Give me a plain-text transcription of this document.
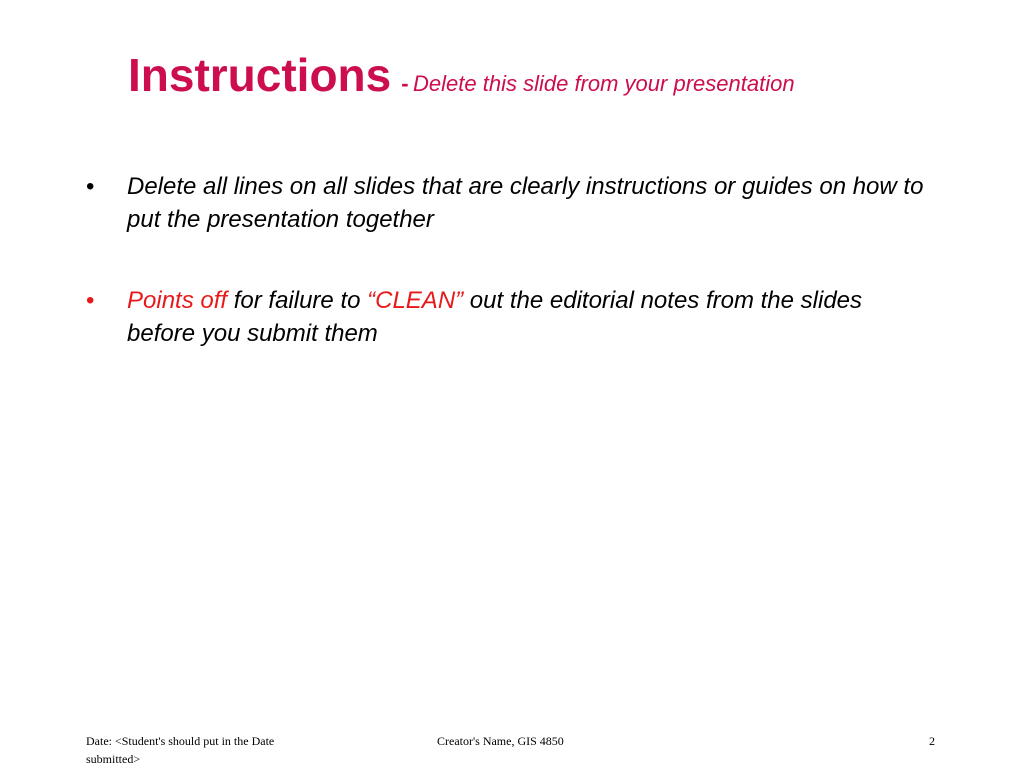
Instructions - Delete this slide from your presentation
• Delete all lines on all slides that are clearly instructions or guides on how to put the presentation together
• Points off for failure to “CLEAN” out the editorial notes from the slides before you submit them
Date: <Student's should put in the Date submitted>
Creator's Name, GIS 4850	2
